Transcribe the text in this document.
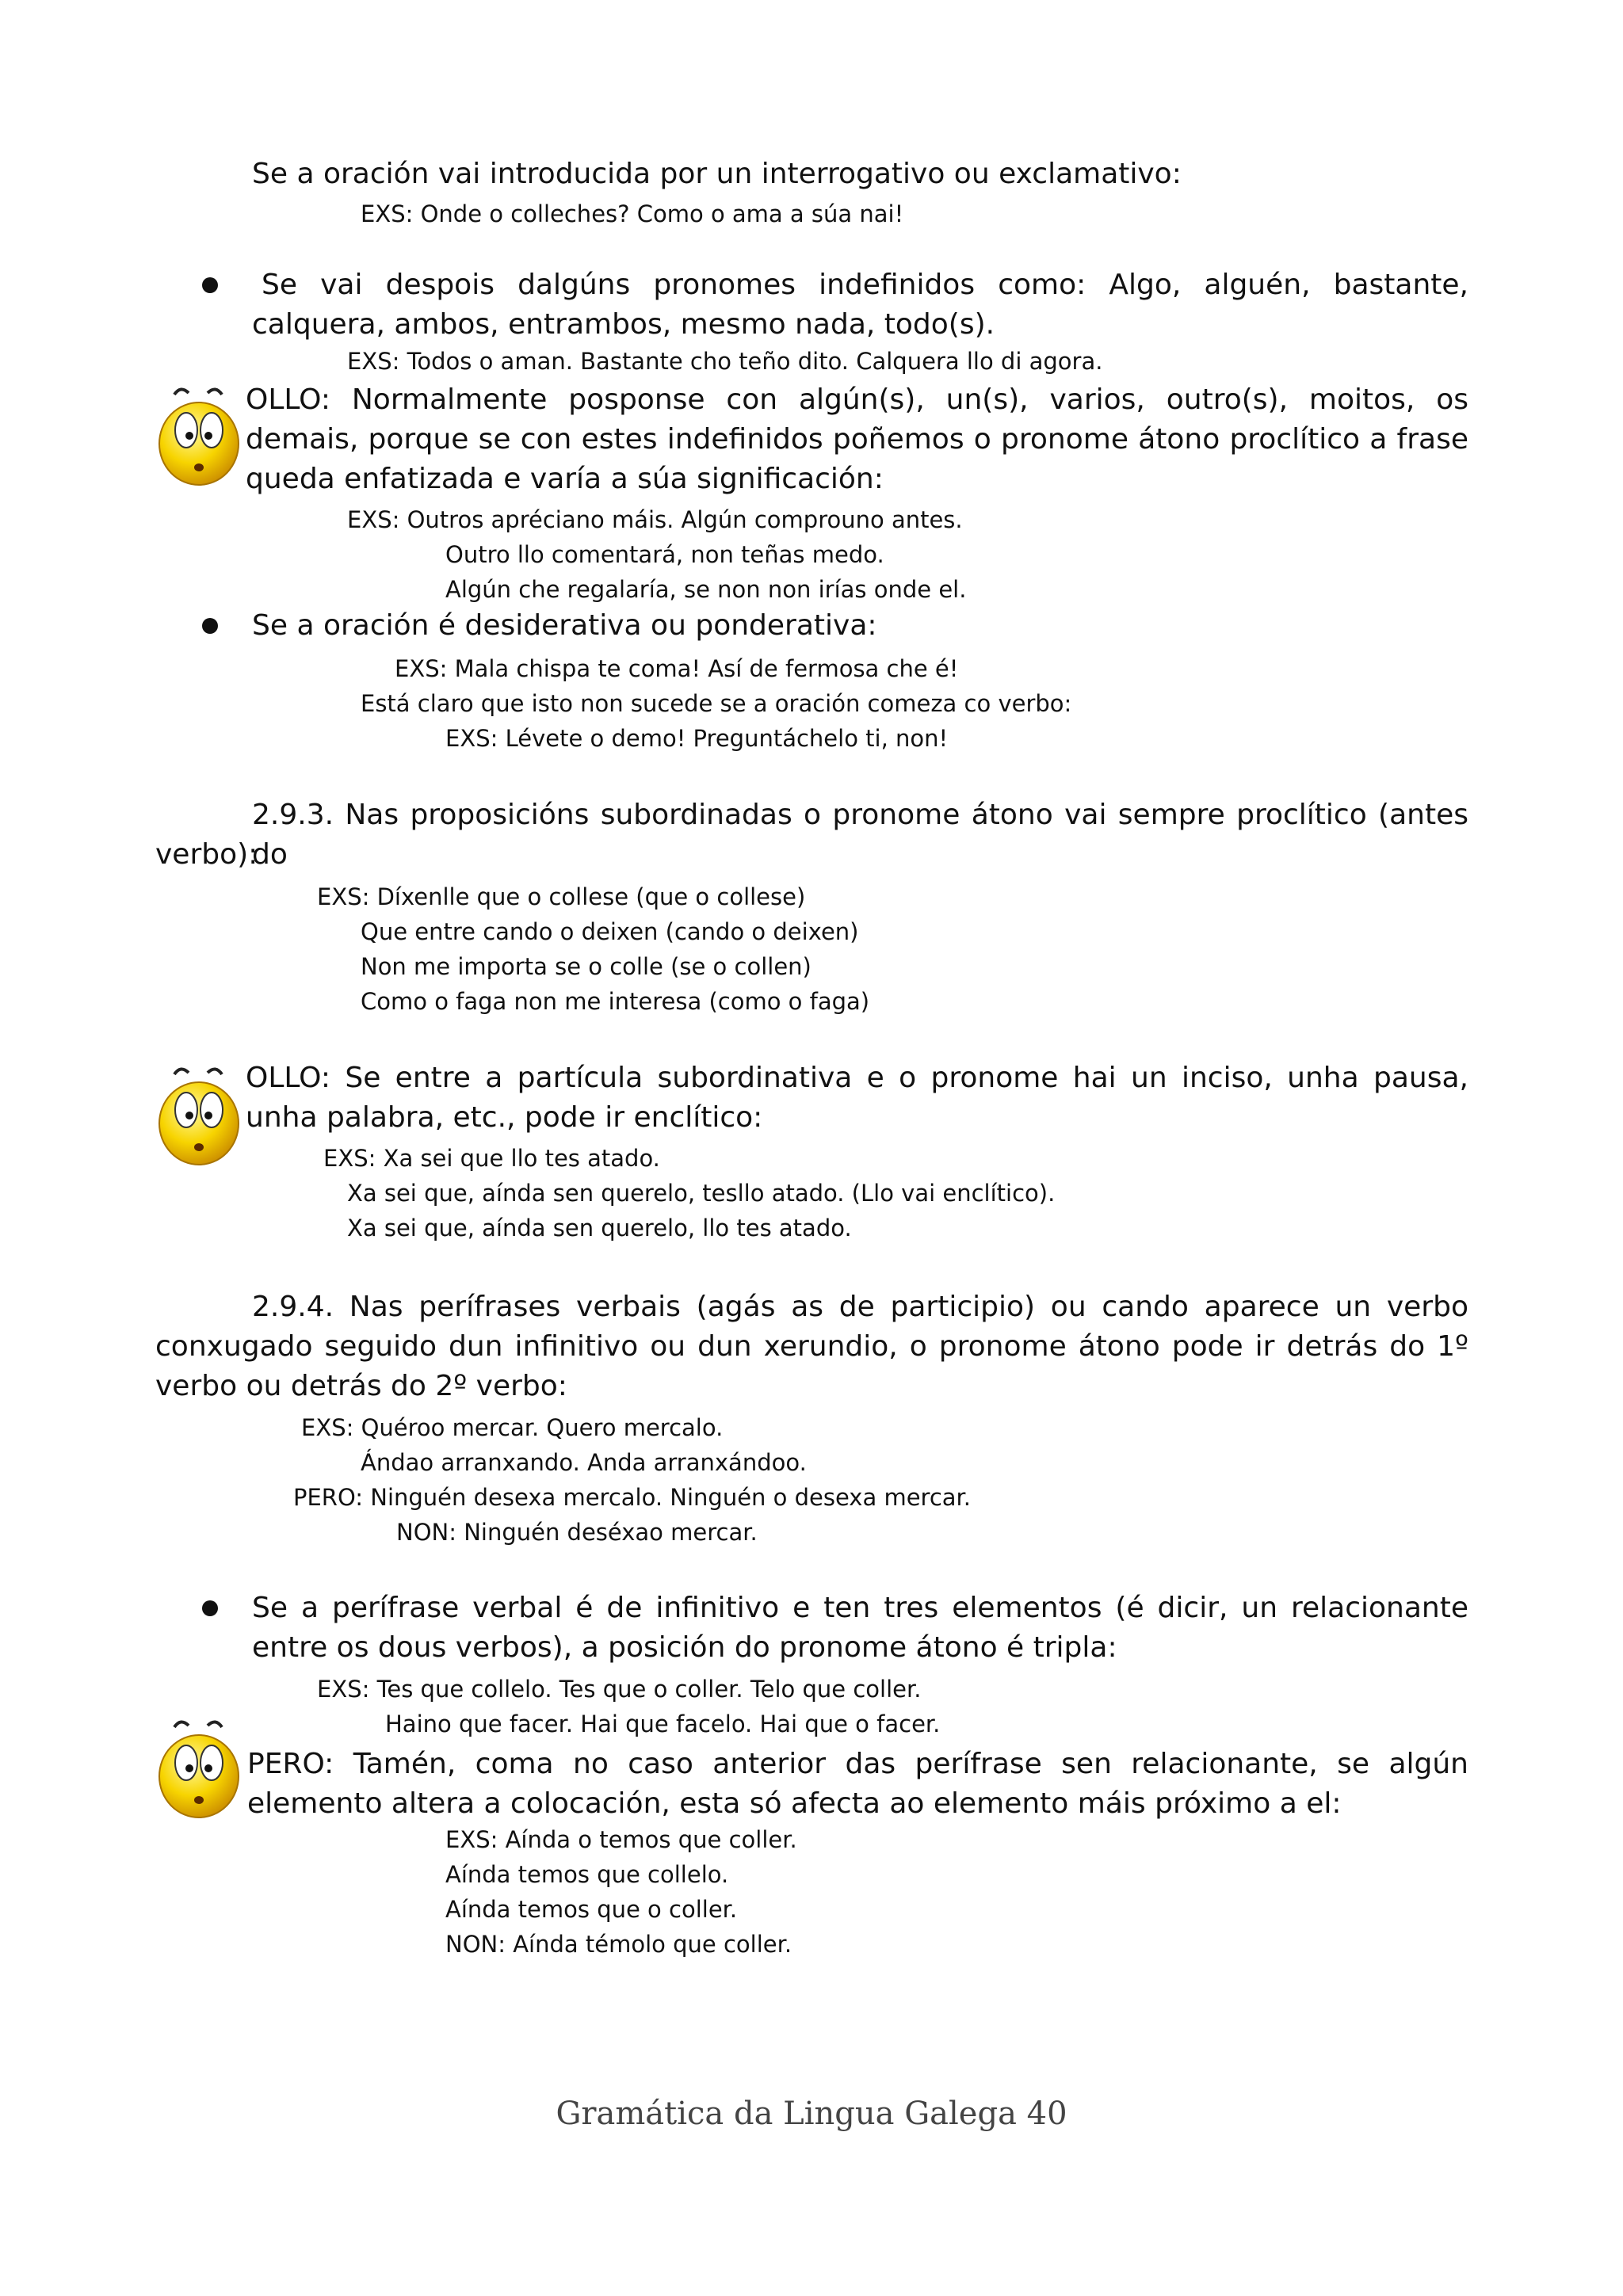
Se a oración vai introducida por un interrogativo ou exclamativo:
EXS: Onde o colleches? Como o ama a súa nai!
Se vai despois dalgúns pronomes indefinidos como: Algo, alguén, bastante, calquera, ambos, entrambos, mesmo nada, todo(s).
EXS: Todos o aman. Bastante cho teño dito. Calquera llo di agora.
OLLO: Normalmente posponse con algún(s), un(s), varios, outro(s), moitos, os demais, porque se con estes indefinidos poñemos o pronome átono proclítico a frase queda enfatizada e varía a súa significación:
EXS: Outros apréciano máis. Algún comprouno antes.
Outro llo comentará, non teñas medo.
Algún che regalaría, se non non irías onde el.
Se a oración é desiderativa ou ponderativa:
EXS: Mala chispa te coma! Así de fermosa che é!
Está claro que isto non sucede se a oración comeza co verbo:
EXS: Lévete o demo! Preguntáchelo ti, non!
2.9.3. Nas proposicións subordinadas o pronome átono vai sempre proclítico (antes do
verbo):
EXS: Díxenlle que o collese (que o collese)
Que entre cando o deixen (cando o deixen)
Non me importa se o colle (se o collen)
Como o faga non me interesa (como o faga)
OLLO: Se entre a partícula subordinativa e o pronome hai un inciso, unha pausa, unha palabra, etc., pode ir enclítico:
EXS: Xa sei que llo tes atado.
Xa sei que, aínda sen querelo, tesllo atado. (Llo vai enclítico).
Xa sei que, aínda sen querelo, llo tes atado.
2.9.4. Nas perífrases verbais (agás as de participio) ou cando aparece un verbo conxugado seguido dun infinitivo ou dun xerundio, o pronome átono pode ir detrás do 1º verbo ou detrás do 2º verbo:
EXS: Quéroo mercar. Quero mercalo.
Ándao arranxando. Anda arranxándoo.
PERO: Ninguén desexa mercalo. Ninguén o desexa mercar.
NON: Ninguén deséxao mercar.
Se a perífrase verbal é de infinitivo e ten tres elementos (é dicir, un relacionante entre os dous verbos), a posición do pronome átono é tripla:
EXS: Tes que collelo. Tes que o coller. Telo que coller.
Haino que facer. Hai que facelo. Hai que o facer.
PERO: Tamén, coma no caso anterior das perífrase sen relacionante, se algún elemento altera a colocación, esta só afecta ao elemento máis próximo a el:
EXS: Aínda o temos que coller.
Aínda temos que collelo.
Aínda temos que o coller.
NON: Aínda témolo que coller.
Gramática da Lingua Galega 40
